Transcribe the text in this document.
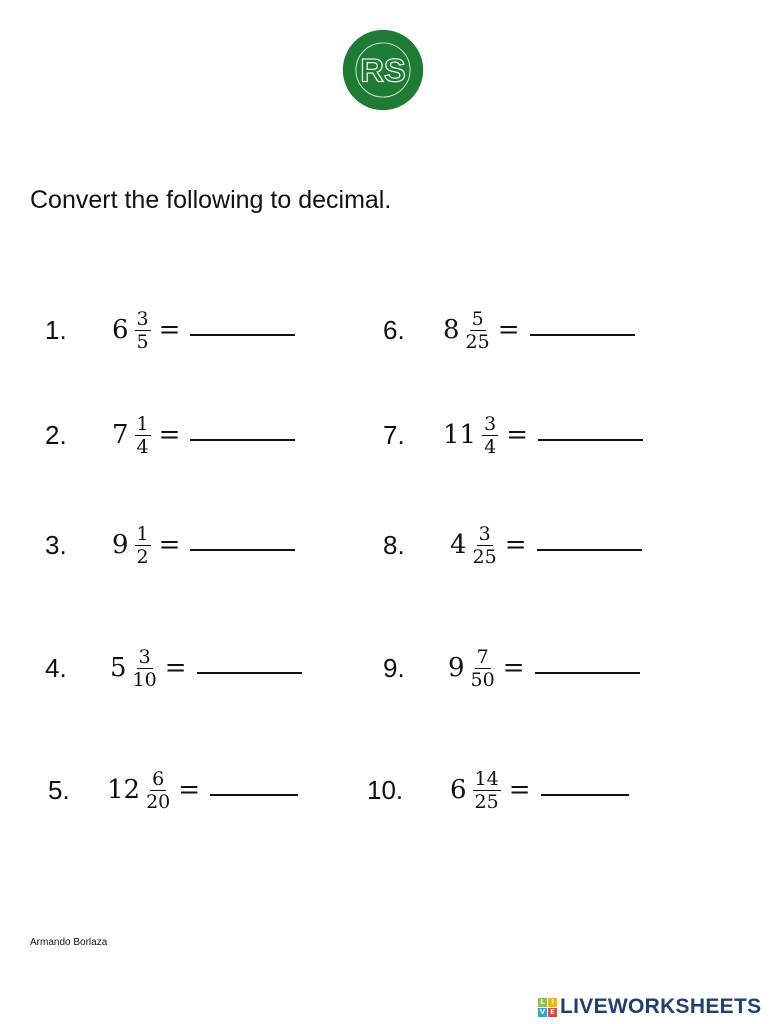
RS
Convert the following to decimal.
1.	$6 \frac{3}{5}$ =
2.	$7 \frac{1}{4}$ =
3.	$9 \frac{1}{2}$ =
4.	$5 \frac{3}{10}$ =
5.	$12 \frac{6}{20}$ =
6.	$8 \frac{5}{25}$ =
7.	$11 \frac{3}{4}$ =
8.	$4 \frac{3}{25}$ =
9.	$9 \frac{7}{50}$ =
10.	$6 \frac{14}{25}$ =
Armando Borlaza
L I
V E LIVEWORKSHEETS
